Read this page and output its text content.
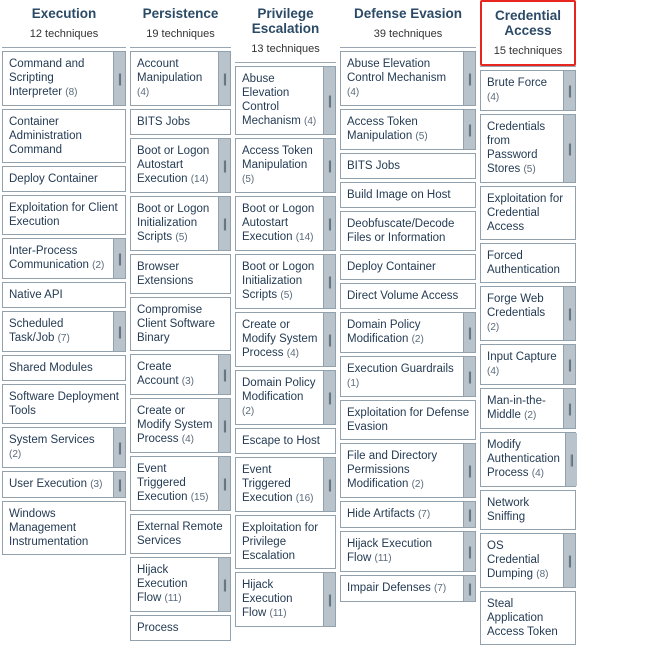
Execution
12 techniques
Command and Scripting Interpreter (8)
||
Container Administration Command
Deploy Container
Exploitation for Client Execution
Inter-Process Communication (2)	||
Native API
Scheduled Task/Job (7)	||
Shared Modules
Software Deployment Tools
System Services (2)	||
User Execution (3)	||
Windows Management Instrumentation
Persistence
19 techniques
Account Manipulation (4)
||
BITS Jobs
Boot or Logon Autostart Execution (14)
||
Boot or Logon Initialization Scripts (5)
||
Browser Extensions
Compromise Client Software Binary
Create Account (3)	||
Create or Modify System Process (4)
||
Event Triggered Execution (15)
||
External Remote Services
Hijack Execution Flow (11)
||
Process
Privilege Escalation
13 techniques
Abuse Elevation Control Mechanism (4)
||
Access Token Manipulation (5)
||
Boot or Logon Autostart Execution (14)
||
Boot or Logon Initialization Scripts (5)
||
Create or Modify System Process (4)
||
Domain Policy Modification (2)
||
Escape to Host
Event Triggered Execution (16)
||
Exploitation for Privilege Escalation
Hijack Execution Flow (11)
||
Defense Evasion
39 techniques
Abuse Elevation Control Mechanism (4)
||
Access Token Manipulation (5)	||
BITS Jobs
Build Image on Host
Deobfuscate/Decode Files or Information
Deploy Container
Direct Volume Access
Domain Policy Modification (2)	||
Execution Guardrails (1)	||
Exploitation for Defense Evasion
File and Directory Permissions Modification (2)
||
Hide Artifacts (7)	||
Hijack Execution Flow (11)	||
Impair Defenses (7)	||
Credential Access
15 techniques
Brute Force (4)	||
Credentials from Password Stores (5)
||
Exploitation for Credential Access
Forced Authentication
Forge Web Credentials (2)
||
Input Capture (4)	||
Man-in-the-Middle (2)	||
Modify Authentication Process (4)
||
Network Sniffing
OS Credential Dumping (8)
||
Steal Application Access Token
